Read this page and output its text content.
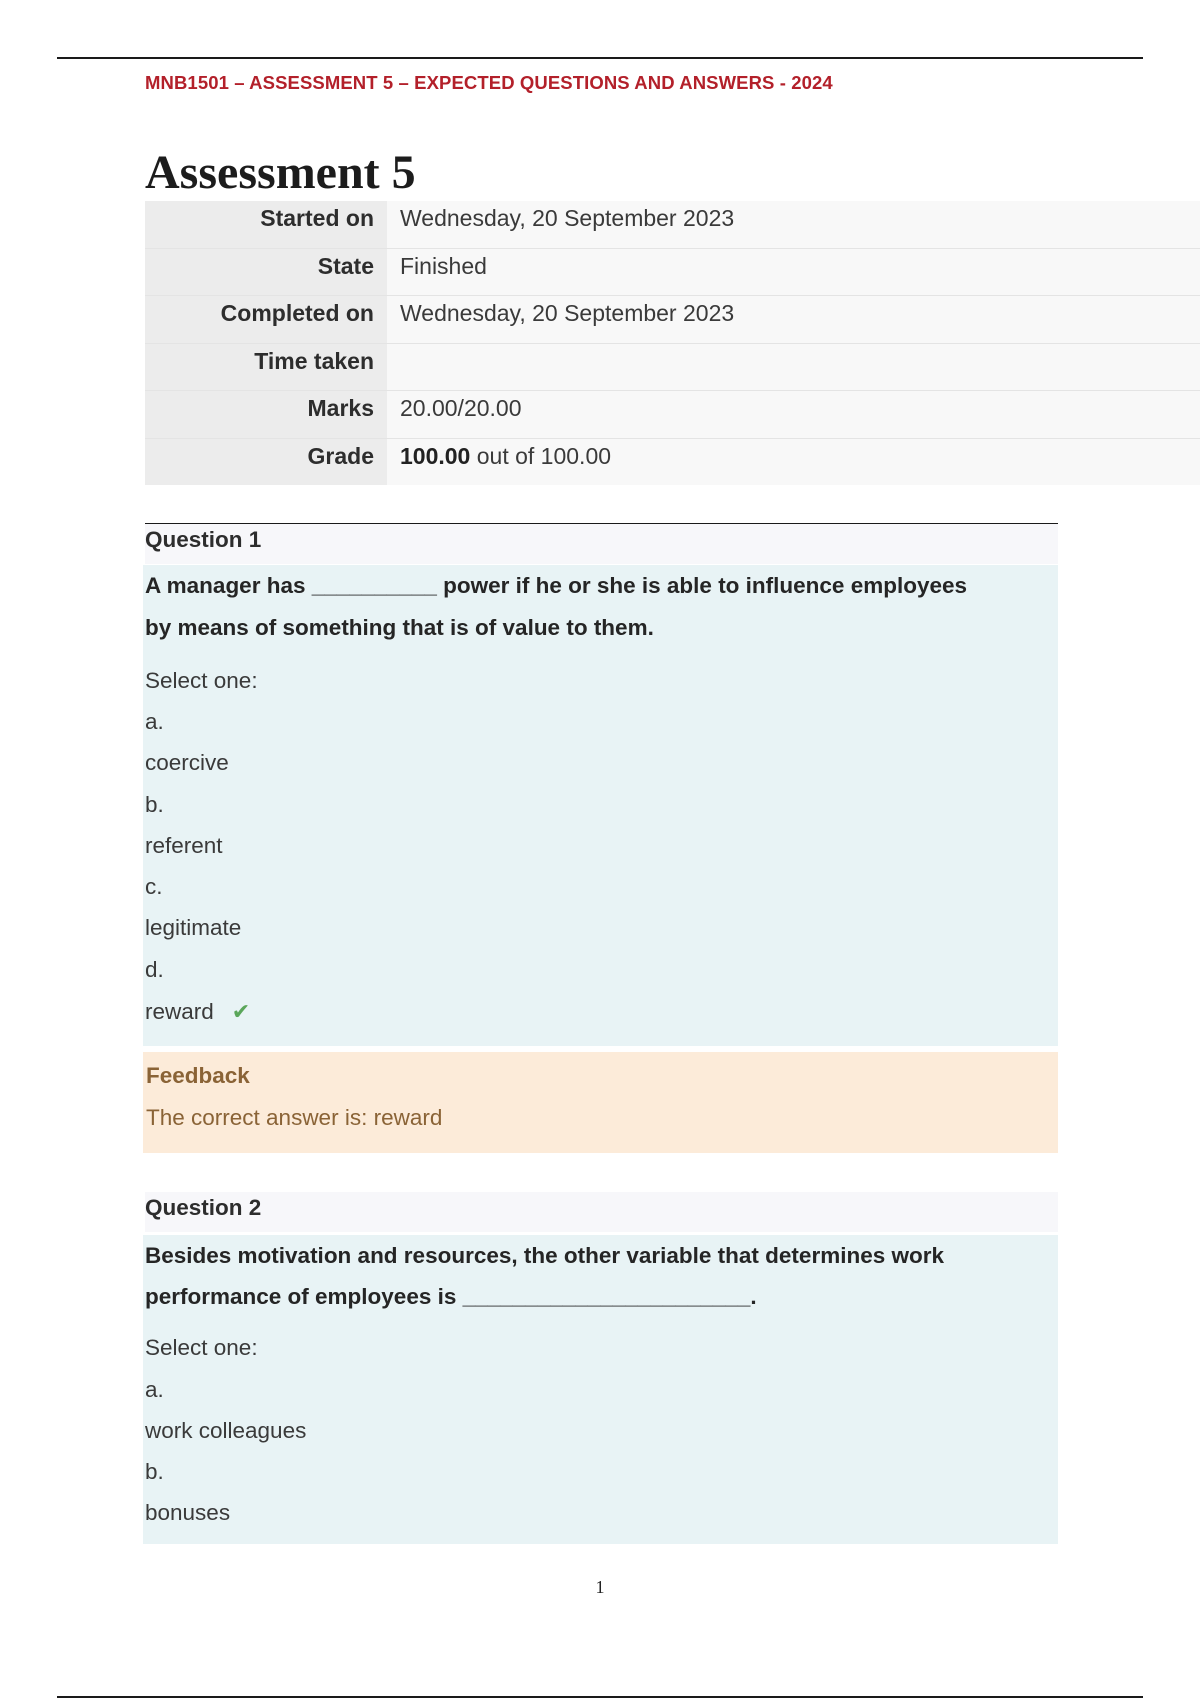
MNB1501 – ASSESSMENT 5 – EXPECTED QUESTIONS AND ANSWERS - 2024
Assessment 5
Started on	Wednesday, 20 September 2023
State	Finished
Completed on	Wednesday, 20 September 2023
Time taken
Marks	20.00/20.00
Grade	100.00 out of 100.00
Question 1
A manager has __________ power if he or she is able to influence employees
by means of something that is of value to them.
Select one:
a.
coercive
b.
referent
c.
legitimate
d.
reward ✔
Feedback
The correct answer is: reward
Question 2
Besides motivation and resources, the other variable that determines work
performance of employees is _______________________.
Select one:
a.
work colleagues
b.
bonuses
1
